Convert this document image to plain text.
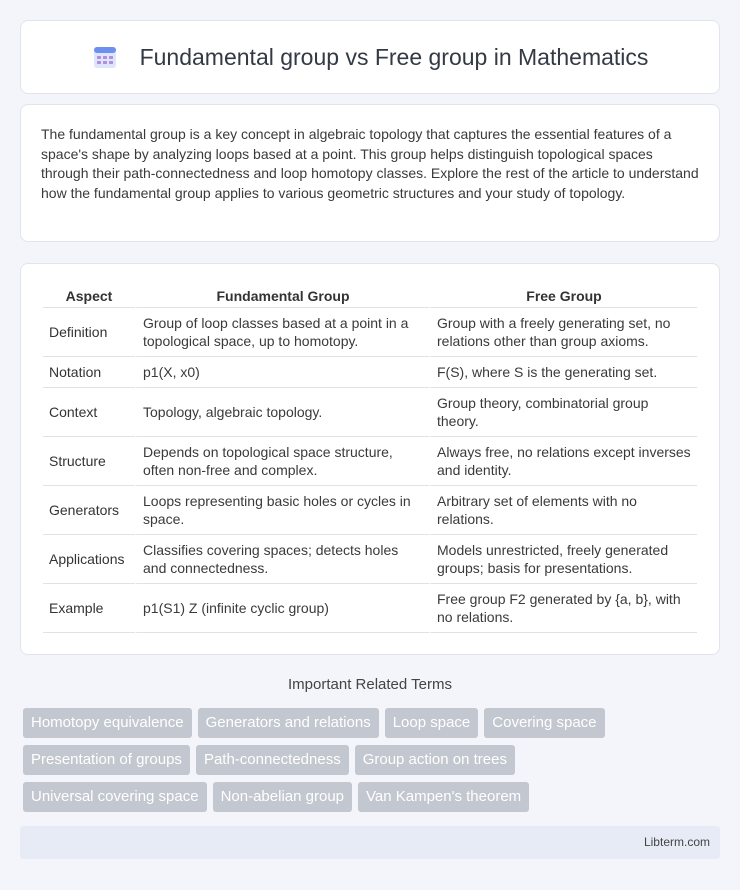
Fundamental group vs Free group in Mathematics

The fundamental group is a key concept in algebraic topology that captures the essential features of a space's shape by analyzing loops based at a point. This group helps distinguish topological spaces through their path-connectedness and loop homotopy classes. Explore the rest of the article to understand how the fundamental group applies to various geometric structures and your study of topology.

Aspect	Fundamental Group	Free Group
Definition	Group of loop classes based at a point in a topological space, up to homotopy.	Group with a freely generating set, no relations other than group axioms.
Notation	p1(X, x0)	F(S), where S is the generating set.
Context	Topology, algebraic topology.	Group theory, combinatorial group theory.
Structure	Depends on topological space structure, often non-free and complex.	Always free, no relations except inverses and identity.
Generators	Loops representing basic holes or cycles in space.	Arbitrary set of elements with no relations.
Applications	Classifies covering spaces; detects holes and connectedness.	Models unrestricted, freely generated groups; basis for presentations.
Example	p1(S1) Z (infinite cyclic group)	Free group F2 generated by {a, b}, with no relations.
Important Related Terms
Homotopy equivalence	Generators and relations	Loop space	Covering space
Presentation of groups	Path-connectedness	Group action on trees
Universal covering space	Non-abelian group	Van Kampen's theorem
Libterm.com
